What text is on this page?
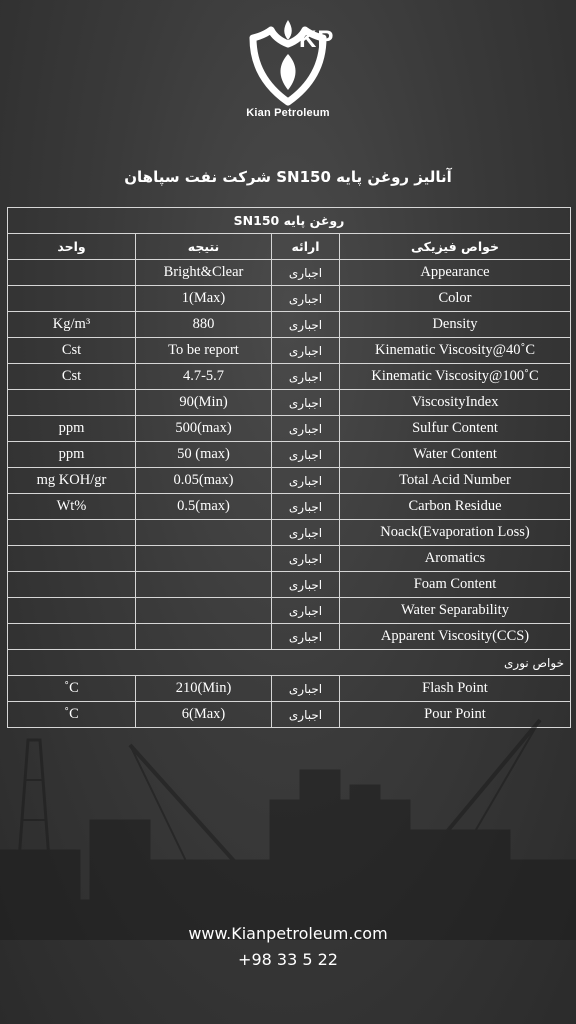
KP
Kian Petroleum
آنالیز روغن پایه SN150 شرکت نفت سپاهان
روغن پایه SN150			
واحد	نتیجه	ارائه	خواص فیزیکی
	Bright&Clear	اجباری	Appearance
	1(Max)	اجباری	Color
Kg/m³	880	اجباری	Density
Cst	To be report	اجباری	Kinematic Viscosity@40˚C
Cst	4.7-5.7	اجباری	Kinematic Viscosity@100˚C
	90(Min)	اجباری	ViscosityIndex
ppm	500(max)	اجباری	Sulfur Content
ppm	50 (max)	اجباری	Water Content
mg KOH/gr	0.05(max)	اجباری	Total Acid Number
Wt%	0.5(max)	اجباری	Carbon Residue
		اجباری	Noack(Evaporation Loss)
		اجباری	Aromatics
		اجباری	Foam Content
		اجباری	Water Separability
		اجباری	Apparent Viscosity(CCS)
خواص نوری			
˚C	210(Min)	اجباری	Flash Point
˚C	6(Max)	اجباری	Pour Point
www.Kianpetroleum.com
+98 33 5 22
